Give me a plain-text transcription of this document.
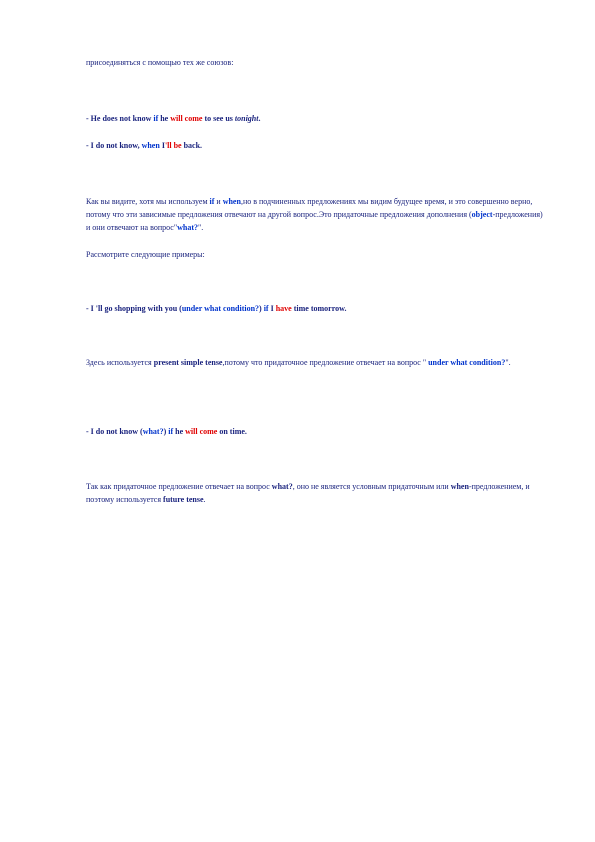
присоединяться с помощью тех же союзов:

- He does not know if he will come to see us tonight.

- I do not know, when I'll be back.

Как вы видите, хотя мы используем if и when,но в подчиненных предложениях мы видим будущее время, и это совершенно верно, потому что эти зависимые предложения отвечают на другой вопрос.Это придаточные предложения дополнения (object-предложения) и они отвечают на вопрос"what?".

Рассмотрите следующие примеры:

- I 'll go shopping with you (under what condition?) if I have time tomorrow.

Здесь используется present simple tense,потому что придаточное предложение отвечает на вопрос " under what condition?".

- I do not know (what?) if he will come on time.

Так как придаточное предложение отвечает на вопрос what?, оно не является условным придаточным или when-предложением, и поэтому используется future tense.
